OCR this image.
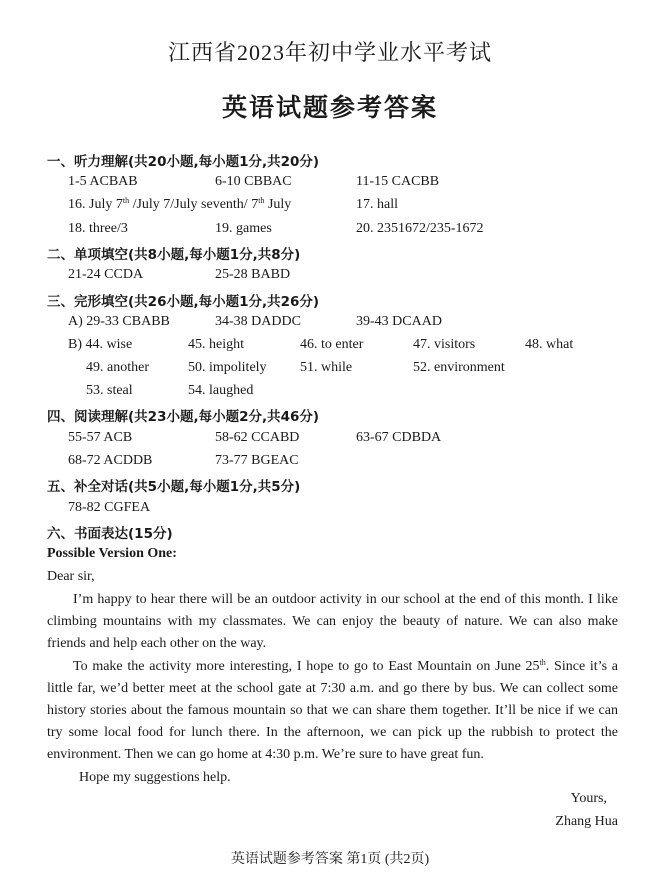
江西省2023年初中学业水平考试
英语试题参考答案
一、听力理解(共20小题,每小题1分,共20分)
1-5 ACBAB	6-10 CBBAC	11-15 CACBB
16. July 7th /July 7/July seventh/ 7th July	17. hall
18. three/3	19. games	20. 2351672/235-1672
二、单项填空(共8小题,每小题1分,共8分)
21-24 CCDA	25-28 BABD
三、完形填空(共26小题,每小题1分,共26分)
A) 29-33 CBABB	34-38 DADDC	39-43 DCAAD
B) 44. wise	45. height	46. to enter	47. visitors	48. what
49. another	50. impolitely 51. while	52. environment
53. steal	54. laughed
四、阅读理解(共23小题,每小题2分,共46分)
55-57 ACB	58-62 CCABD	63-67 CDBDA
68-72 ACDDB	73-77 BGEAC
五、补全对话(共5小题,每小题1分,共5分)
78-82 CGFEA
六、书面表达(15分)
Possible Version One:
Dear sir,

I’m happy to hear there will be an outdoor activity in our school at the end of this month. I like climbing mountains with my classmates. We can enjoy the beauty of nature. We can also make friends and help each other on the way.

To make the activity more interesting, I hope to go to East Mountain on June 25th. Since it’s a little far, we’d better meet at the school gate at 7:30 a.m. and go there by bus. We can collect some history stories about the famous mountain so that we can share them together. It’ll be nice if we can try some local food for lunch there. In the afternoon, we can pick up the rubbish to protect the environment. Then we can go home at 4:30 p.m. We’re sure to have great fun.

Hope my suggestions help.

Yours,
Zhang Hua
英语试题参考答案 第1页 (共2页)
